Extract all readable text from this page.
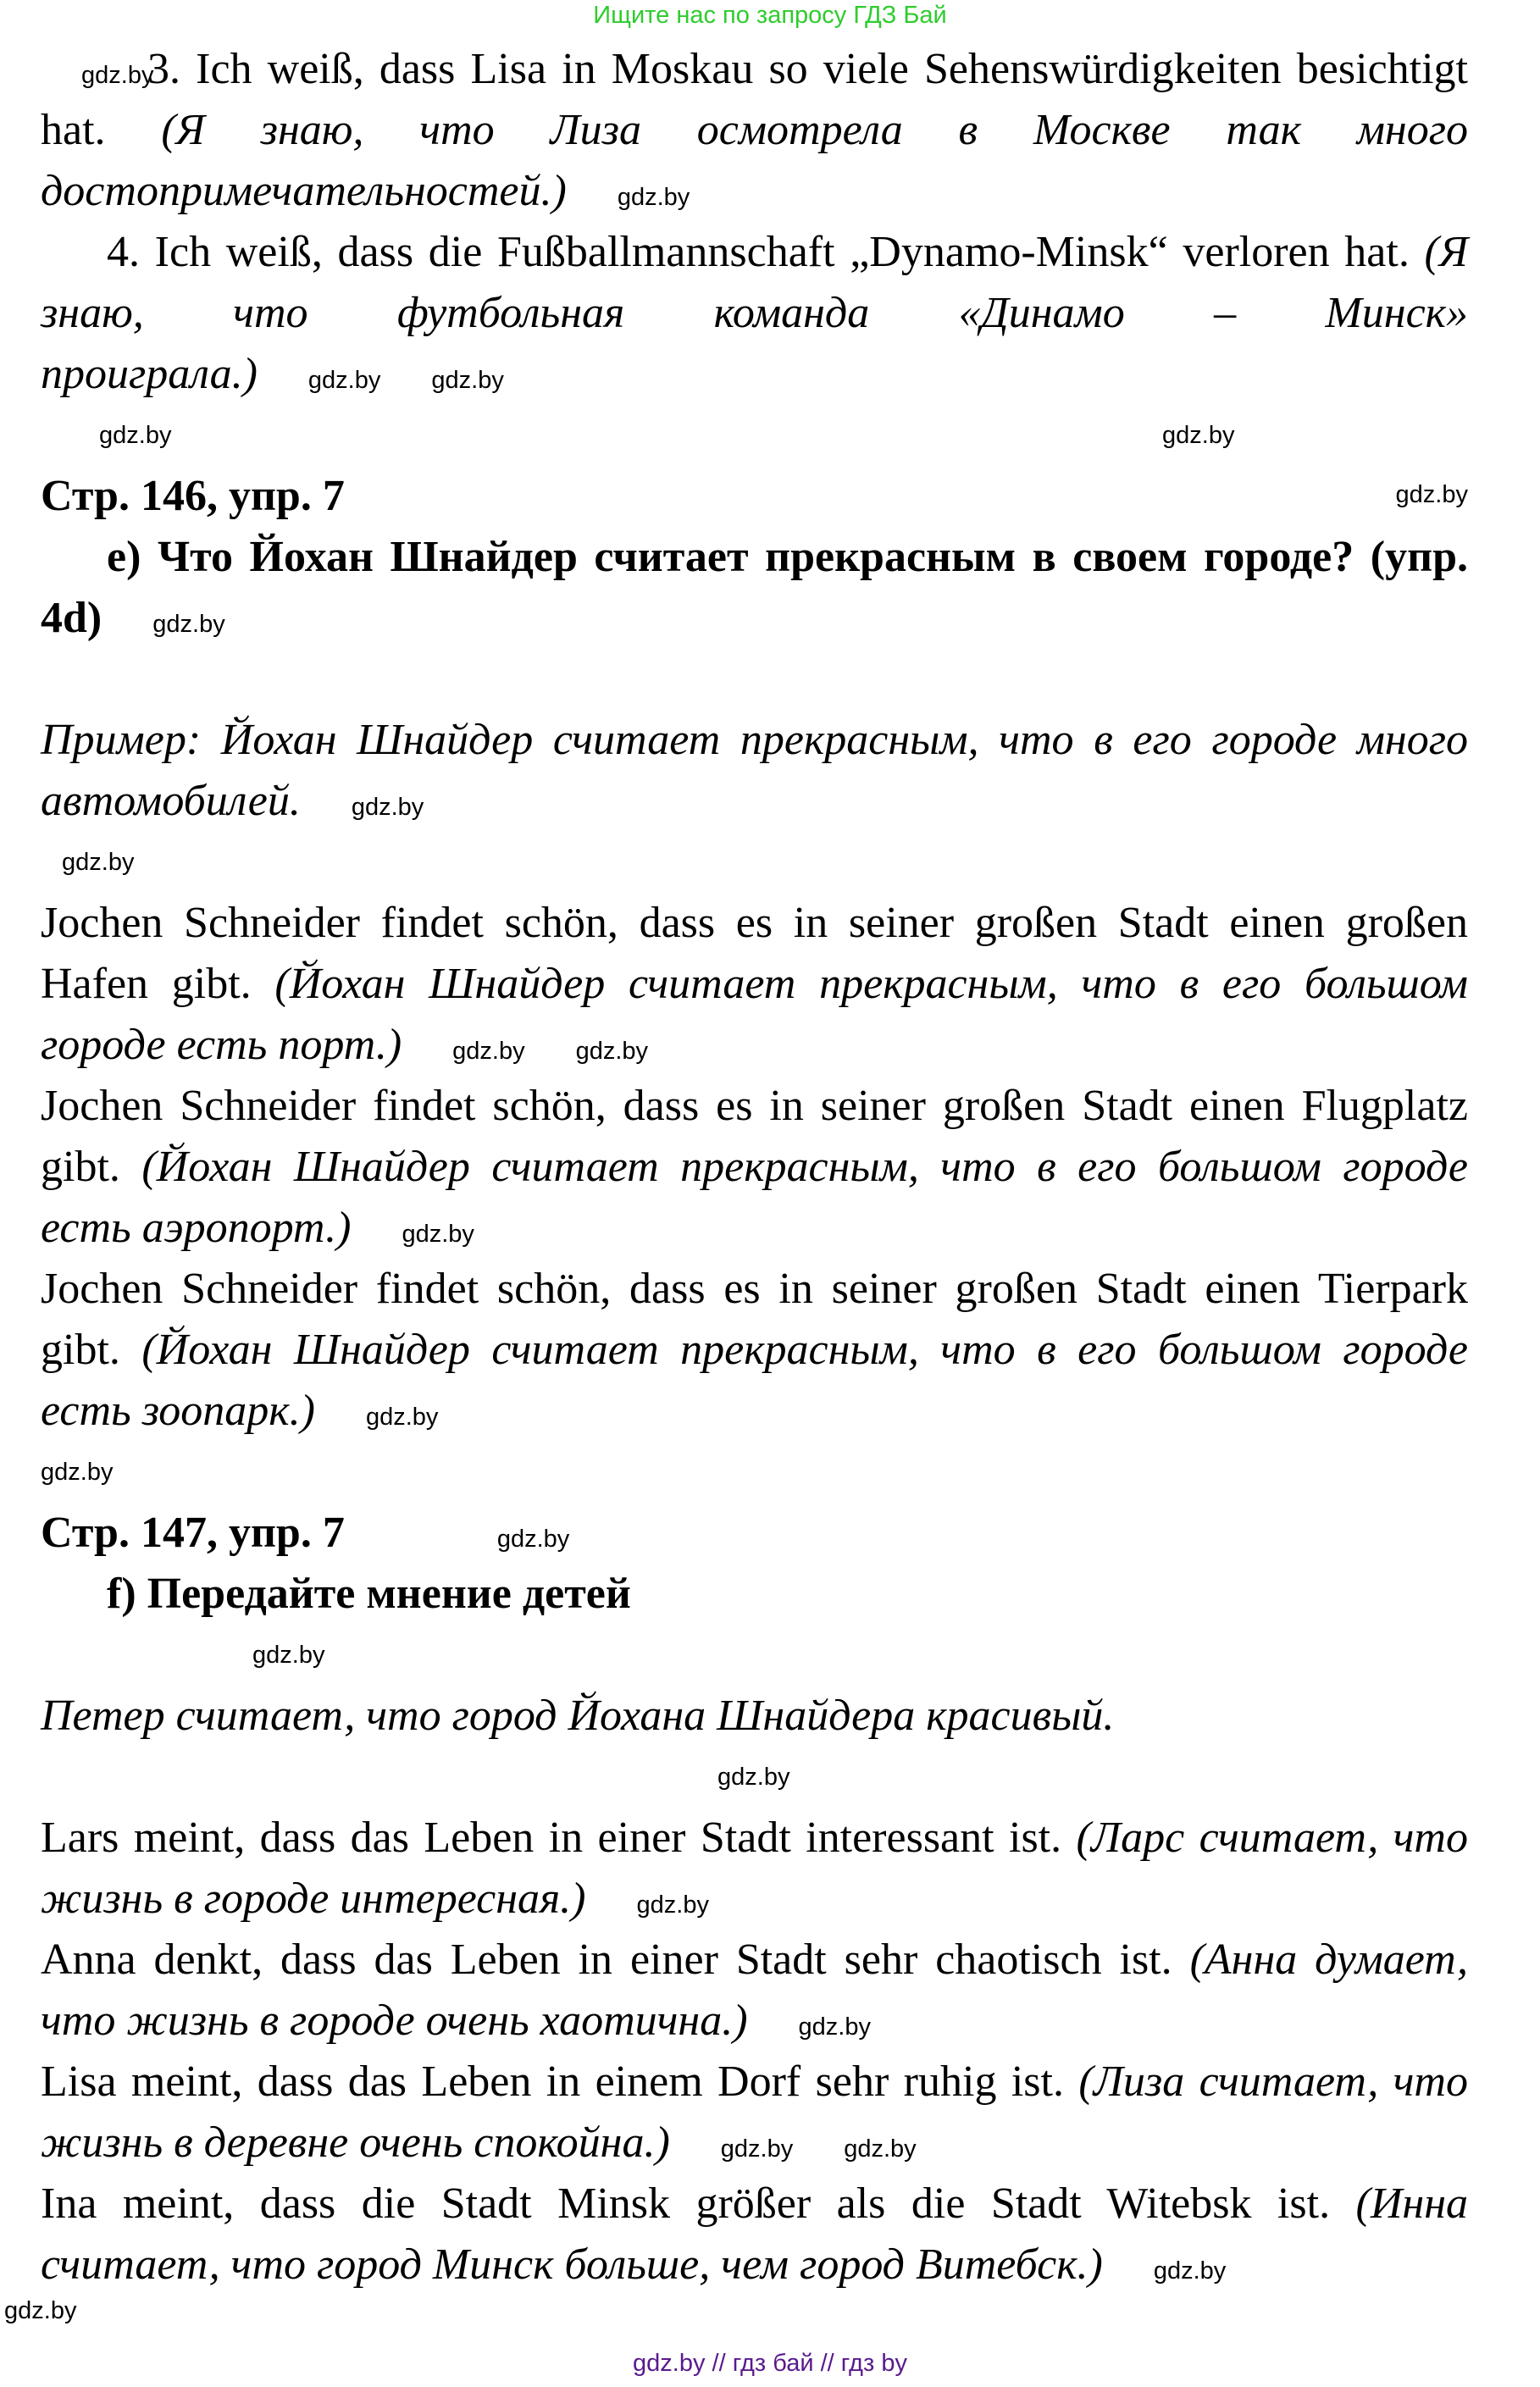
Ищите нас по запросу ГДЗ Бай
gdz.by3. Ich weiß, dass Lisa in Moskau so viele Sehenswürdigkeiten besichtigt hat. (Я знаю, что Лиза осмотрела в Москве так много достопримечательностей.) gdz.by
4. Ich weiß, dass die Fußballmannschaft „Dynamo-Minsk“ verloren hat. (Я знаю, что футбольная команда «Динамо – Минск» проиграла.) gdz.by gdz.by
gdz.by	gdz.by
gdz.by
Стр. 146, упр. 7
е) Что Йохан Шнайдер считает прекрасным в своем городе? (упр. 4d) gdz.by
Пример: Йохан Шнайдер считает прекрасным, что в его городе много автомобилей. gdz.by
gdz.by
Jochen Schneider findet schön, dass es in seiner großen Stadt einen großen Hafen gibt. (Йохан Шнайдер считает прекрасным, что в его большом городе есть порт.) gdz.by gdz.by
Jochen Schneider findet schön, dass es in seiner großen Stadt einen Flugplatz gibt. (Йохан Шнайдер считает прекрасным, что в его большом городе есть аэропорт.) gdz.by
Jochen Schneider findet schön, dass es in seiner großen Stadt einen Tierpark gibt. (Йохан Шнайдер считает прекрасным, что в его большом городе есть зоопарк.) gdz.by
gdz.by
Стр. 147, упр. 7	gdz.by
f) Передайте мнение детей
gdz.by
Петер считает, что город Йохана Шнайдера красивый.
gdz.by
Lars meint, dass das Leben in einer Stadt interessant ist. (Ларс считает, что жизнь в городе интересная.) gdz.by
Anna denkt, dass das Leben in einer Stadt sehr chaotisch ist. (Анна думает, что жизнь в городе очень хаотична.) gdz.by
Lisa meint, dass das Leben in einem Dorf sehr ruhig ist. (Лиза считает, что жизнь в деревне очень спокойна.) gdz.by gdz.by
Ina meint, dass die Stadt Minsk größer als die Stadt Witebsk ist. (Инна считает, что город Минск больше, чем город Витебск.) gdz.by
gdz.by
gdz.by // гдз бай // гдз by
